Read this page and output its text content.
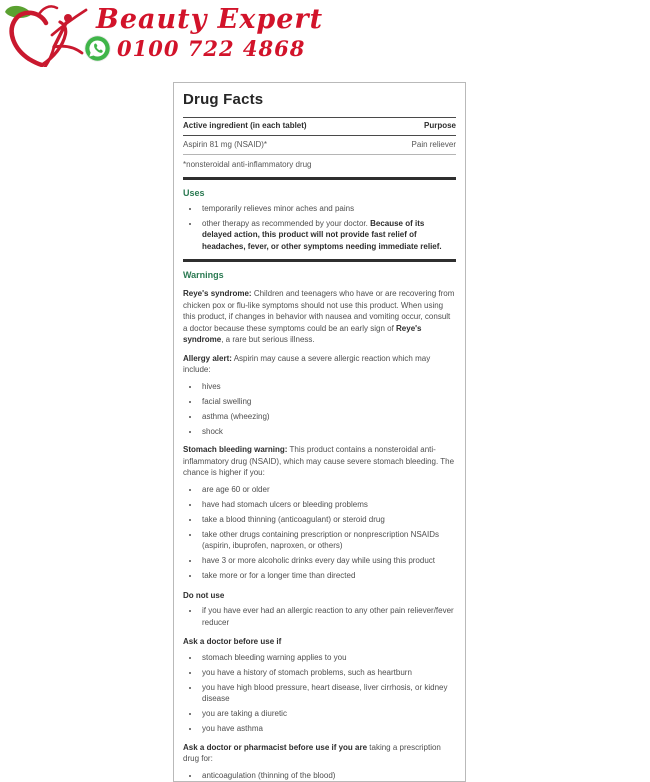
Beauty Expert
0100 722 4868
Drug Facts
Active ingredient (in each tablet)	Purpose
Aspirin 81 mg (NSAID)*	Pain reliever
*nonsteroidal anti-inflammatory drug
Uses
• temporarily relieves minor aches and pains
• other therapy as recommended by your doctor. Because of its delayed action, this product will not provide fast relief of headaches, fever, or other symptoms needing immediate relief.
Warnings

Reye's syndrome: Children and teenagers who have or are recovering from chicken pox or flu-like symptoms should not use this product. When using this product, if changes in behavior with nausea and vomiting occur, consult a doctor because these symptoms could be an early sign of Reye's syndrome, a rare but serious illness.

Allergy alert: Aspirin may cause a severe allergic reaction which may include:

• hives
• facial swelling
• asthma (wheezing)
• shock

Stomach bleeding warning: This product contains a nonsteroidal anti-inflammatory drug (NSAID), which may cause severe stomach bleeding. The chance is higher if you:

• are age 60 or older
• have had stomach ulcers or bleeding problems
• take a blood thinning (anticoagulant) or steroid drug
• take other drugs containing prescription or nonprescription NSAIDs (aspirin, ibuprofen, naproxen, or others)
• have 3 or more alcoholic drinks every day while using this product
• take more or for a longer time than directed
Do not use
• if you have ever had an allergic reaction to any other pain reliever/fever reducer
Ask a doctor before use if
• stomach bleeding warning applies to you
• you have a history of stomach problems, such as heartburn
• you have high blood pressure, heart disease, liver cirrhosis, or kidney disease
• you are taking a diuretic
• you have asthma

Ask a doctor or pharmacist before use if you are taking a prescription drug for:

• anticoagulation (thinning of the blood)
